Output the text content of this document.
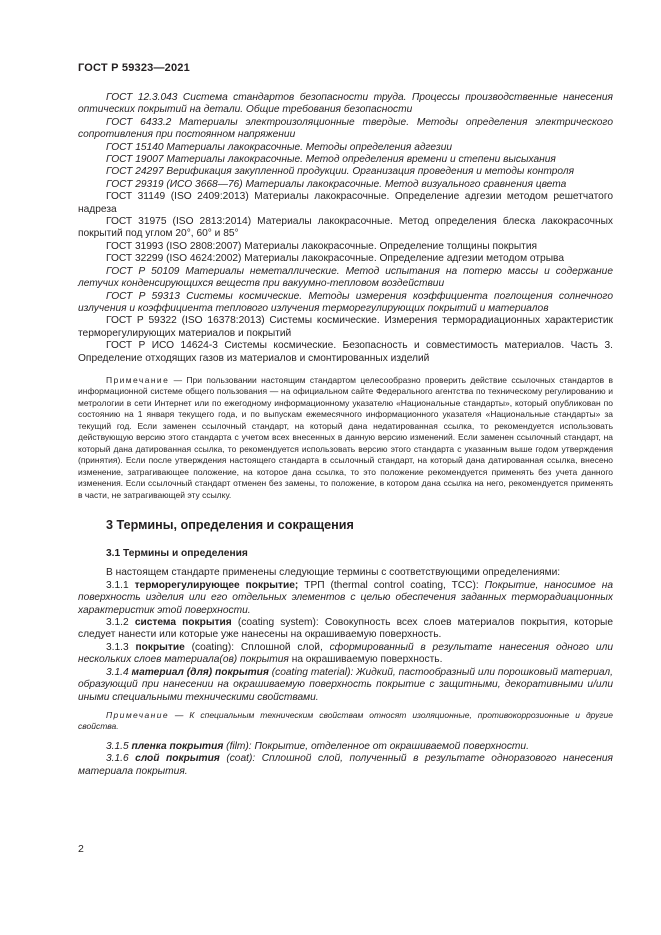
ГОСТ Р 59323—2021

ГОСТ 12.3.043 Система стандартов безопасности труда. Процессы производственные нанесения оптических покрытий на детали. Общие требования безопасности

ГОСТ 6433.2 Материалы электроизоляционные твердые. Методы определения электрического сопротивления при постоянном напряжении

ГОСТ 15140 Материалы лакокрасочные. Методы определения адгезии

ГОСТ 19007 Материалы лакокрасочные. Метод определения времени и степени высыхания

ГОСТ 24297 Верификация закупленной продукции. Организация проведения и методы контроля

ГОСТ 29319 (ИСО 3668—76) Материалы лакокрасочные. Метод визуального сравнения цвета

ГОСТ 31149 (ISO 2409:2013) Материалы лакокрасочные. Определение адгезии методом решетчатого надреза

ГОСТ 31975 (ISO 2813:2014) Материалы лакокрасочные. Метод определения блеска лакокрасочных покрытий под углом 20°, 60° и 85°

ГОСТ 31993 (ISO 2808:2007) Материалы лакокрасочные. Определение толщины покрытия

ГОСТ 32299 (ISO 4624:2002) Материалы лакокрасочные. Определение адгезии методом отрыва

ГОСТ Р 50109 Материалы неметаллические. Метод испытания на потерю массы и содержание летучих конденсирующихся веществ при вакуумно-тепловом воздействии

ГОСТ Р 59313 Системы космические. Методы измерения коэффициента поглощения солнечного излучения и коэффициента теплового излучения терморегулирующих покрытий и материалов

ГОСТ Р 59322 (ISO 16378:2013) Системы космические. Измерения терморадиационных характеристик терморегулирующих материалов и покрытий

ГОСТ Р ИСО 14624-3 Системы космические. Безопасность и совместимость материалов. Часть 3. Определение отходящих газов из материалов и смонтированных изделий

Примечание — При пользовании настоящим стандартом целесообразно проверить действие ссылочных стандартов в информационной системе общего пользования — на официальном сайте Федерального агентства по техническому регулированию и метрологии в сети Интернет или по ежегодному информационному указателю «Национальные стандарты», который опубликован по состоянию на 1 января текущего года, и по выпускам ежемесячного информационного указателя «Национальные стандарты» за текущий год. Если заменен ссылочный стандарт, на который дана недатированная ссылка, то рекомендуется использовать действующую версию этого стандарта с учетом всех внесенных в данную версию изменений. Если заменен ссылочный стандарт, на который дана датированная ссылка, то рекомендуется использовать версию этого стандарта с указанным выше годом утверждения (принятия). Если после утверждения настоящего стандарта в ссылочный стандарт, на который дана датированная ссылка, внесено изменение, затрагивающее положение, на которое дана ссылка, то это положение рекомендуется применять без учета данного изменения. Если ссылочный стандарт отменен без замены, то положение, в котором дана ссылка на него, рекомендуется применять в части, не затрагивающей эту ссылку.

3 Термины, определения и сокращения

3.1 Термины и определения

В настоящем стандарте применены следующие термины с соответствующими определениями:

3.1.1 терморегулирующее покрытие; ТРП (thermal control coating, TCC): Покрытие, наносимое на поверхность изделия или его отдельных элементов с целью обеспечения заданных терморадиационных характеристик этой поверхности.

3.1.2 система покрытия (coating system): Совокупность всех слоев материалов покрытия, которые следует нанести или которые уже нанесены на окрашиваемую поверхность.

3.1.3 покрытие (coating): Сплошной слой, сформированный в результате нанесения одного или нескольких слоев материала(ов) покрытия на окрашиваемую поверхность.

3.1.4 материал (для) покрытия (coating material): Жидкий, пастообразный или порошковый материал, образующий при нанесении на окрашиваемую поверхность покрытие с защитными, декоративными и/или иными специальными техническими свойствами.

Примечание — К специальным техническим свойствам относят изоляционные, противокоррозионные и другие свойства.

3.1.5 пленка покрытия (film): Покрытие, отделенное от окрашиваемой поверхности.

3.1.6 слой покрытия (coat): Сплошной слой, полученный в результате одноразового нанесения материала покрытия.

2
